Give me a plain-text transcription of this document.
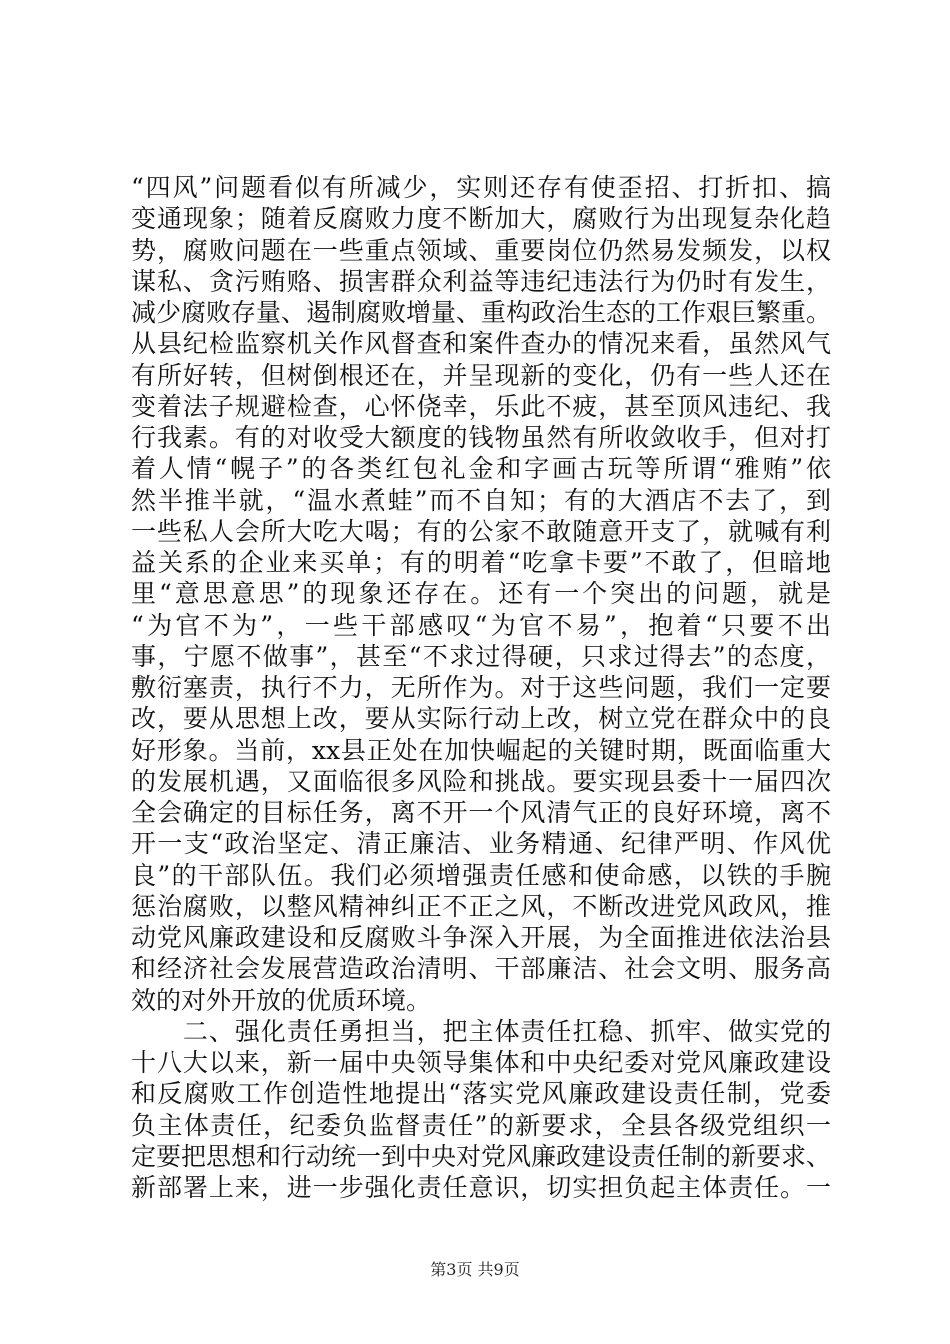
“四风”问题看似有所减少，实则还存有使歪招、打折扣、搞
变通现象；随着反腐败力度不断加大，腐败行为出现复杂化趋
势，腐败问题在一些重点领域、重要岗位仍然易发频发，以权
谋私、贪污贿赂、损害群众利益等违纪违法行为仍时有发生，
减少腐败存量、遏制腐败增量、重构政治生态的工作艰巨繁重。
从县纪检监察机关作风督查和案件查办的情况来看，虽然风气
有所好转，但树倒根还在，并呈现新的变化，仍有一些人还在
变着法子规避检查，心怀侥幸，乐此不疲，甚至顶风违纪、我
行我素。有的对收受大额度的钱物虽然有所收敛收手，但对打
着人情“幌子”的各类红包礼金和字画古玩等所谓“雅贿”依
然半推半就，“温水煮蛙”而不自知；有的大酒店不去了，到
一些私人会所大吃大喝；有的公家不敢随意开支了，就喊有利
益关系的企业来买单；有的明着“吃拿卡要”不敢了，但暗地
里“意思意思”的现象还存在。还有一个突出的问题，就是
“为官不为”，一些干部感叹“为官不易”，抱着“只要不出
事，宁愿不做事”，甚至“不求过得硬，只求过得去”的态度，
敷衍塞责，执行不力，无所作为。对于这些问题，我们一定要
改，要从思想上改，要从实际行动上改，树立党在群众中的良
好形象。当前，xx县正处在加快崛起的关键时期，既面临重大
的发展机遇，又面临很多风险和挑战。要实现县委十一届四次
全会确定的目标任务，离不开一个风清气正的良好环境，离不
开一支“政治坚定、清正廉洁、业务精通、纪律严明、作风优
良”的干部队伍。我们必须增强责任感和使命感，以铁的手腕
惩治腐败，以整风精神纠正不正之风，不断改进党风政风，推
动党风廉政建设和反腐败斗争深入开展，为全面推进依法治县
和经济社会发展营造政治清明、干部廉洁、社会文明、服务高
效的对外开放的优质环境。
　　二、强化责任勇担当，把主体责任扛稳、抓牢、做实党的
十八大以来，新一届中央领导集体和中央纪委对党风廉政建设
和反腐败工作创造性地提出“落实党风廉政建设责任制，党委
负主体责任，纪委负监督责任”的新要求，全县各级党组织一
定要把思想和行动统一到中央对党风廉政建设责任制的新要求、
新部署上来，进一步强化责任意识，切实担负起主体责任。一
第3页 共9页
